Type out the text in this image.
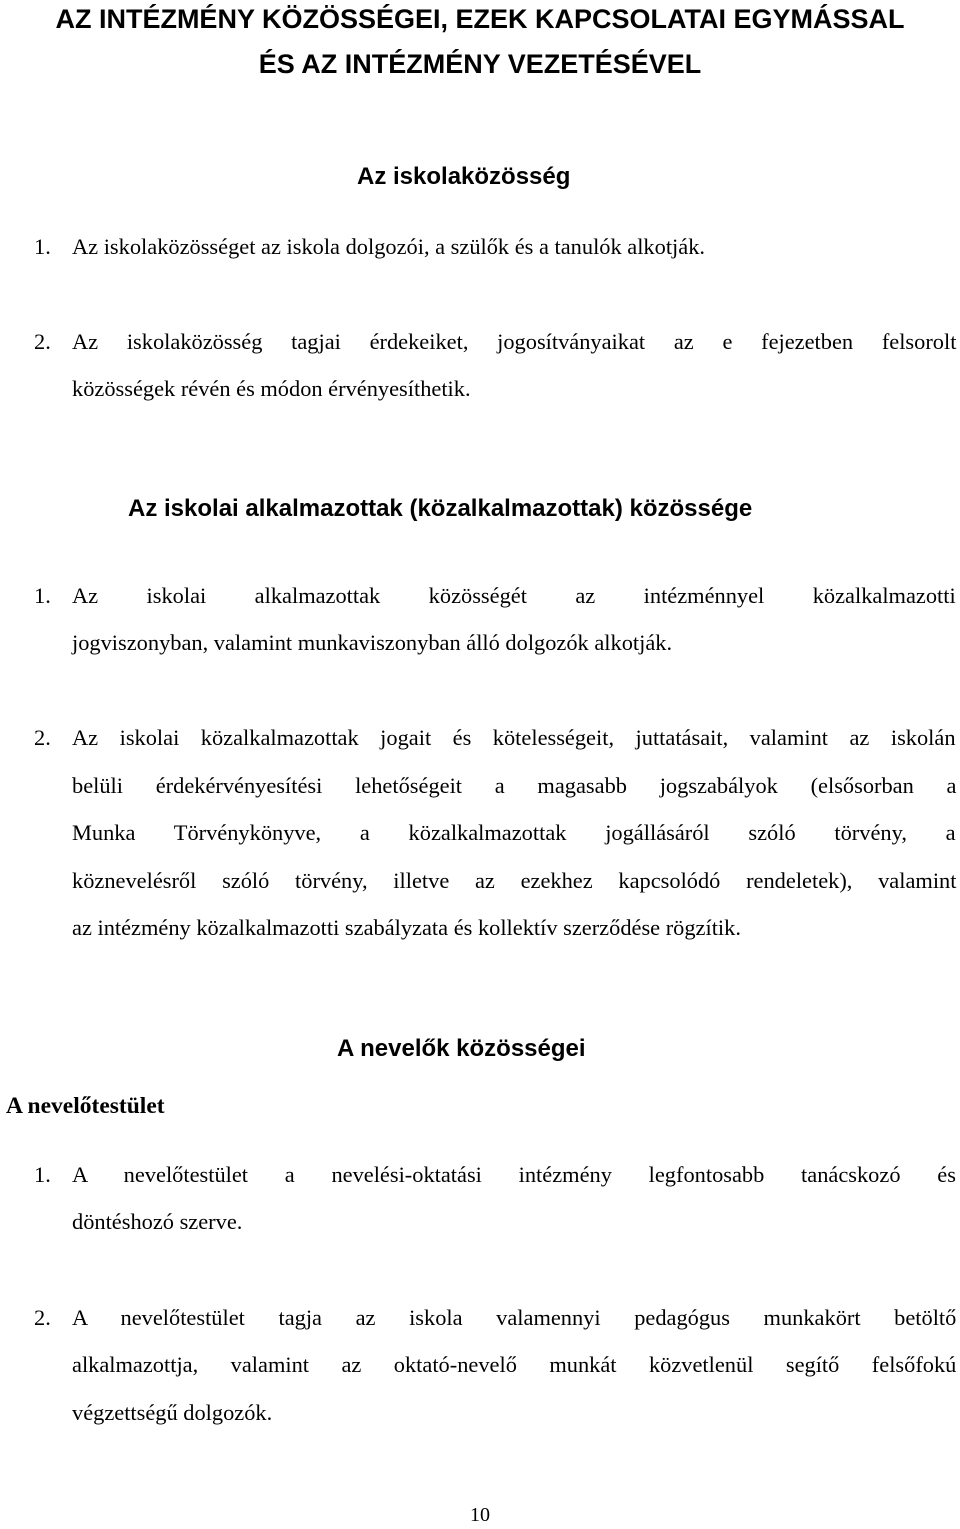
AZ INTÉZMÉNY KÖZÖSSÉGEI, EZEK KAPCSOLATAI EGYMÁSSAL
ÉS AZ INTÉZMÉNY VEZETÉSÉVEL
Az iskolaközösség
1. Az iskolaközösséget az iskola dolgozói, a szülők és a tanulók alkotják.
2. Az iskolaközösség tagjai érdekeiket, jogosítványaikat az e fejezetben felsorolt
közösségek révén és módon érvényesíthetik.
Az iskolai alkalmazottak (közalkalmazottak) közössége
1. Az iskolai alkalmazottak közösségét az intézménnyel közalkalmazotti
jogviszonyban, valamint munkaviszonyban álló dolgozók alkotják.
2. Az iskolai közalkalmazottak jogait és kötelességeit, juttatásait, valamint az iskolán
belüli érdekérvényesítési lehetőségeit a magasabb jogszabályok (elsősorban a
Munka Törvénykönyve, a közalkalmazottak jogállásáról szóló törvény, a
köznevelésről szóló törvény, illetve az ezekhez kapcsolódó rendeletek), valamint
az intézmény közalkalmazotti szabályzata és kollektív szerződése rögzítik.
A nevelők közösségei
A nevelőtestület
1. A nevelőtestület a nevelési-oktatási intézmény legfontosabb tanácskozó és
döntéshozó szerve.
2. A nevelőtestület tagja az iskola valamennyi pedagógus munkakört betöltő
alkalmazottja, valamint az oktató-nevelő munkát közvetlenül segítő felsőfokú
végzettségű dolgozók.
10
